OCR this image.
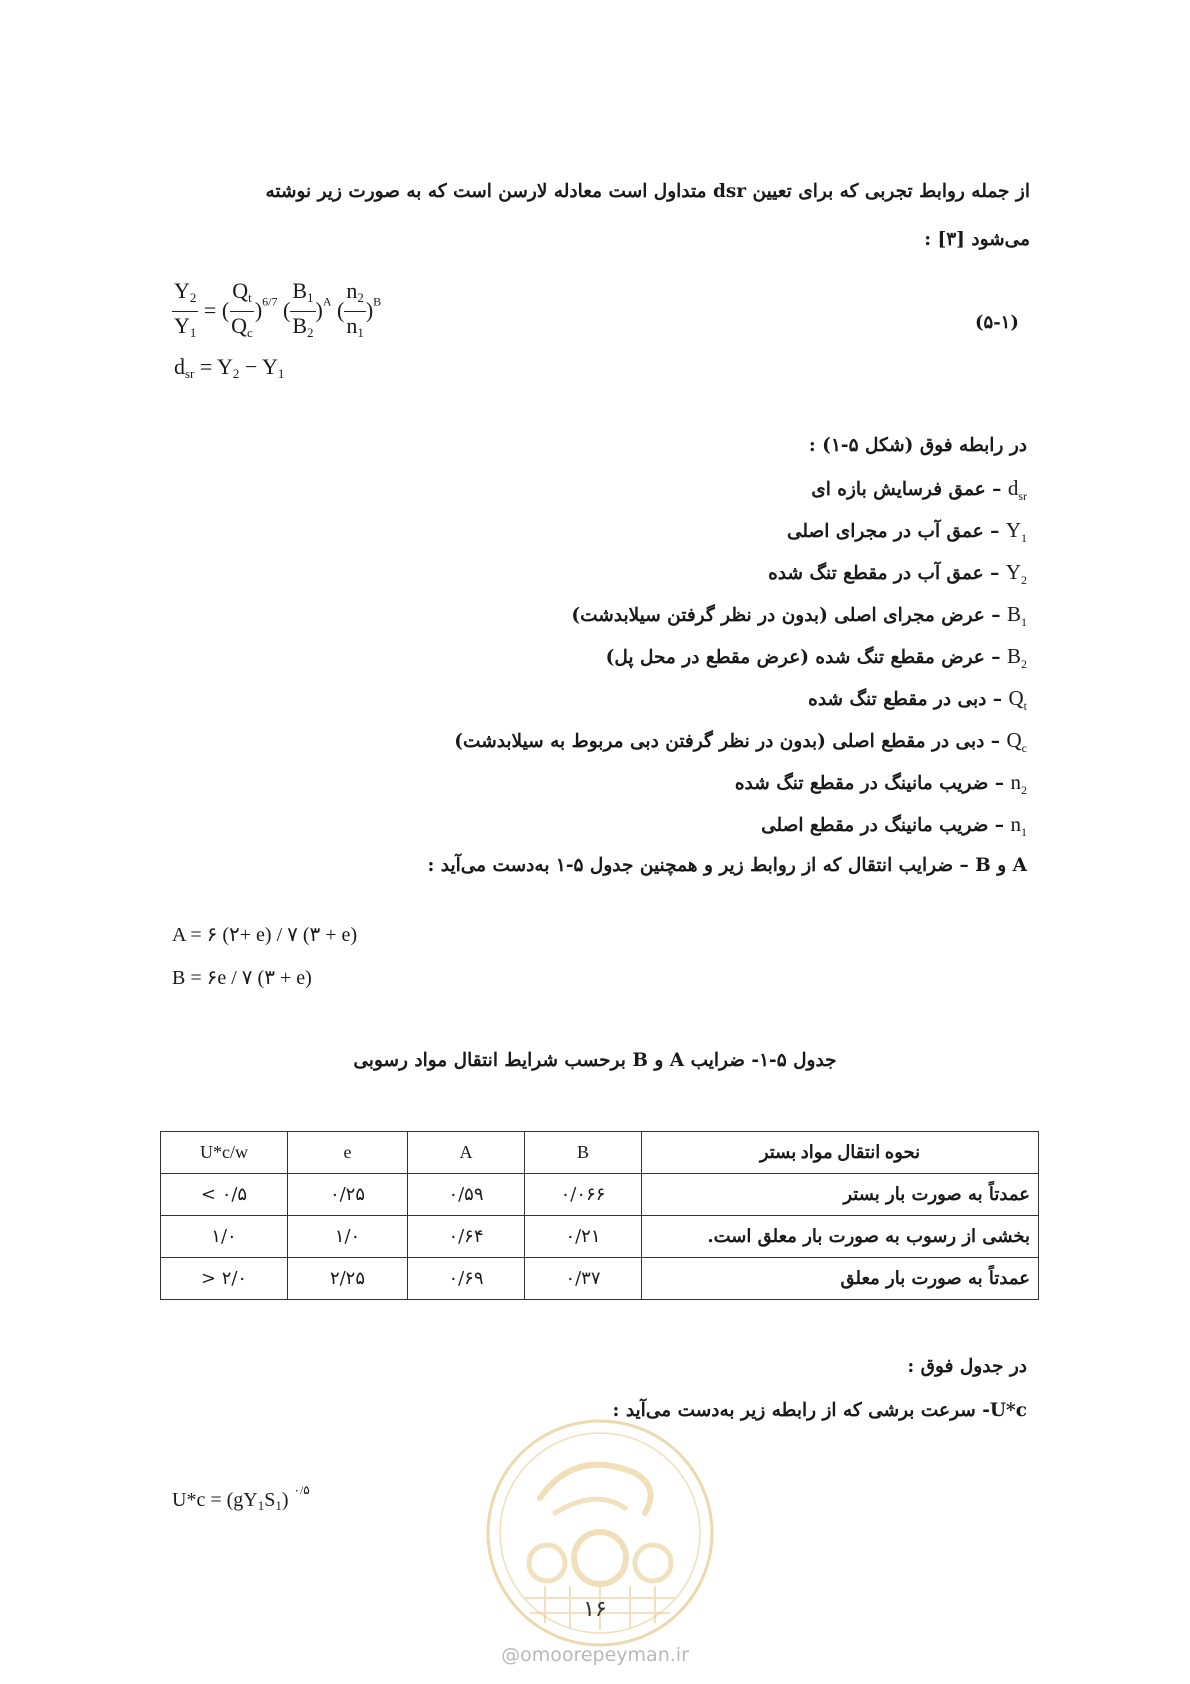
از جمله روابط تجربی که برای تعیین dsr متداول است معادله لارسن است که به صورت زیر نوشته
می‌شود [۳] :
$\frac{Y_2}{Y_1}$ = ( $\frac{Q_t}{Q_c} )^{6/7}$ ( $\frac{B_1}{B_2} )^A$ ( $\frac{n_2}{n_1} )^B$
$d_{sr} = Y_2 - Y_1$
(۵-۱)
در رابطه فوق (شکل ۵-۱) :
$d_{sr}$ – عمق فرسایش بازه ای
$Y_1$ – عمق آب در مجرای اصلی
$Y_2$ – عمق آب در مقطع تنگ شده
$B_1$ – عرض مجرای اصلی (بدون در نظر گرفتن سیلابدشت)
$B_2$ – عرض مقطع تنگ شده (عرض مقطع در محل پل)
$Q_t$ – دبی در مقطع تنگ شده
$Q_c$ – دبی در مقطع اصلی (بدون در نظر گرفتن دبی مربوط به سیلابدشت)
$n_2$ – ضریب مانینگ در مقطع تنگ شده
$n_1$ – ضریب مانینگ در مقطع اصلی
A و B – ضرایب انتقال که از روابط زیر و همچنین جدول ۵-۱ به‌دست می‌آید :
A = ۶ (۲+ e) / ۷ (۳ + e)
B = ۶e / ۷ (۳ + e)
جدول ۵-۱- ضرایب A و B برحسب شرایط انتقال مواد رسوبی
U*c/w	e	A	B	نحوه انتقال مواد بستر
< ۰/۵	۰/۲۵	۰/۵۹	۰/۰۶۶	عمدتاً به صورت بار بستر
۱/۰	۱/۰	۰/۶۴	۰/۲۱	بخشی از رسوب به صورت بار معلق است.
> ۲/۰	۲/۲۵	۰/۶۹	۰/۳۷	عمدتاً به صورت بار معلق
در جدول فوق :
U*c- سرعت برشی که از رابطه زیر به‌دست می‌آید :
۱۶
@omoorepeyman.ir
$U*c = (gY_1S_1)$ $^{۰/۵}$
